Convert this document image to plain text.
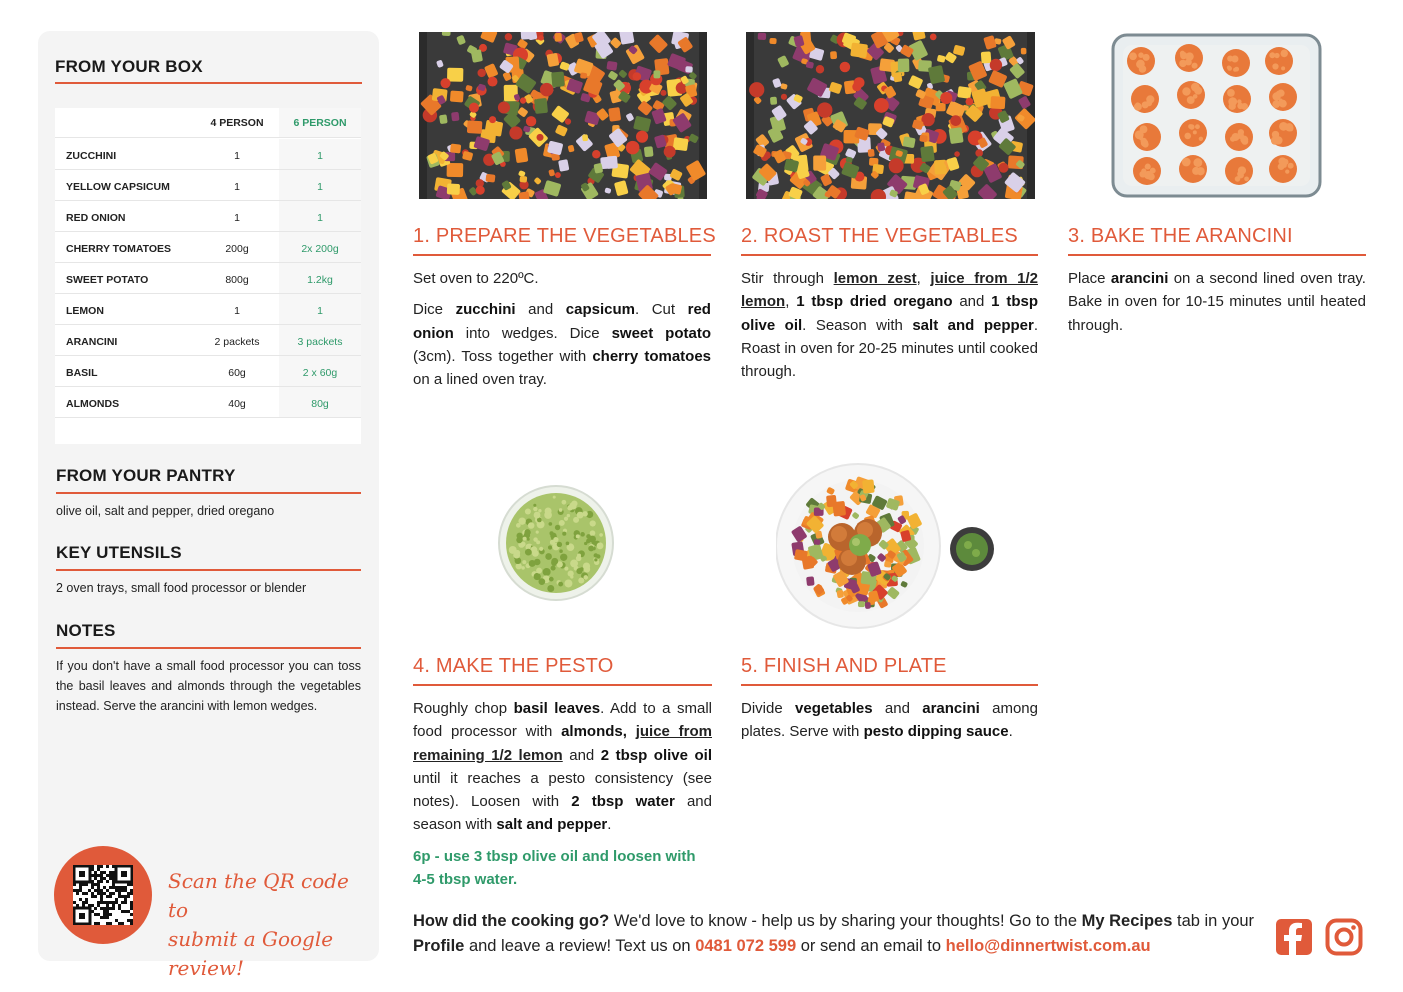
FROM YOUR BOX
4 PERSON	6 PERSON
ZUCCHINI	1	1
YELLOW CAPSICUM	1	1
RED ONION	1	1
CHERRY TOMATOES	200g	2x 200g
SWEET POTATO	800g	1.2kg
LEMON	1	1
ARANCINI	2 packets	3 packets
BASIL	60g	2 x 60g
ALMONDS	40g	80g
FROM YOUR PANTRY
olive oil, salt and pepper, dried oregano
KEY UTENSILS
2 oven trays, small food processor or blender
NOTES
If you don't have a small food processor you can toss the basil leaves and almonds through the vegetables instead. Serve the arancini with lemon wedges.
Scan the QR code to
submit a Google review!
1. PREPARE THE VEGETABLES

Set oven to 220ºC.

Dice zucchini and capsicum. Cut red onion into wedges. Dice sweet potato (3cm). Toss together with cherry tomatoes on a lined oven tray.

2. ROAST THE VEGETABLES

Stir through lemon zest, juice from 1/2 lemon, 1 tbsp dried oregano and 1 tbsp olive oil. Season with salt and pepper. Roast in oven for 20-25 minutes until cooked through.

3. BAKE THE ARANCINI

Place arancini on a second lined oven tray. Bake in oven for 10-15 minutes until heated through.

4. MAKE THE PESTO

Roughly chop basil leaves. Add to a small food processor with almonds, juice from remaining 1/2 lemon and 2 tbsp olive oil until it reaches a pesto consistency (see notes). Loosen with 2 tbsp water and season with salt and pepper.

6p - use 3 tbsp olive oil and loosen with 4-5 tbsp water.

5. FINISH AND PLATE

Divide vegetables and arancini among plates. Serve with pesto dipping sauce.

How did the cooking go? We'd love to know - help us by sharing your thoughts! Go to the My Recipes tab in your Profile and leave a review! Text us on 0481 072 599 or send an email to hello@dinnertwist.com.au
